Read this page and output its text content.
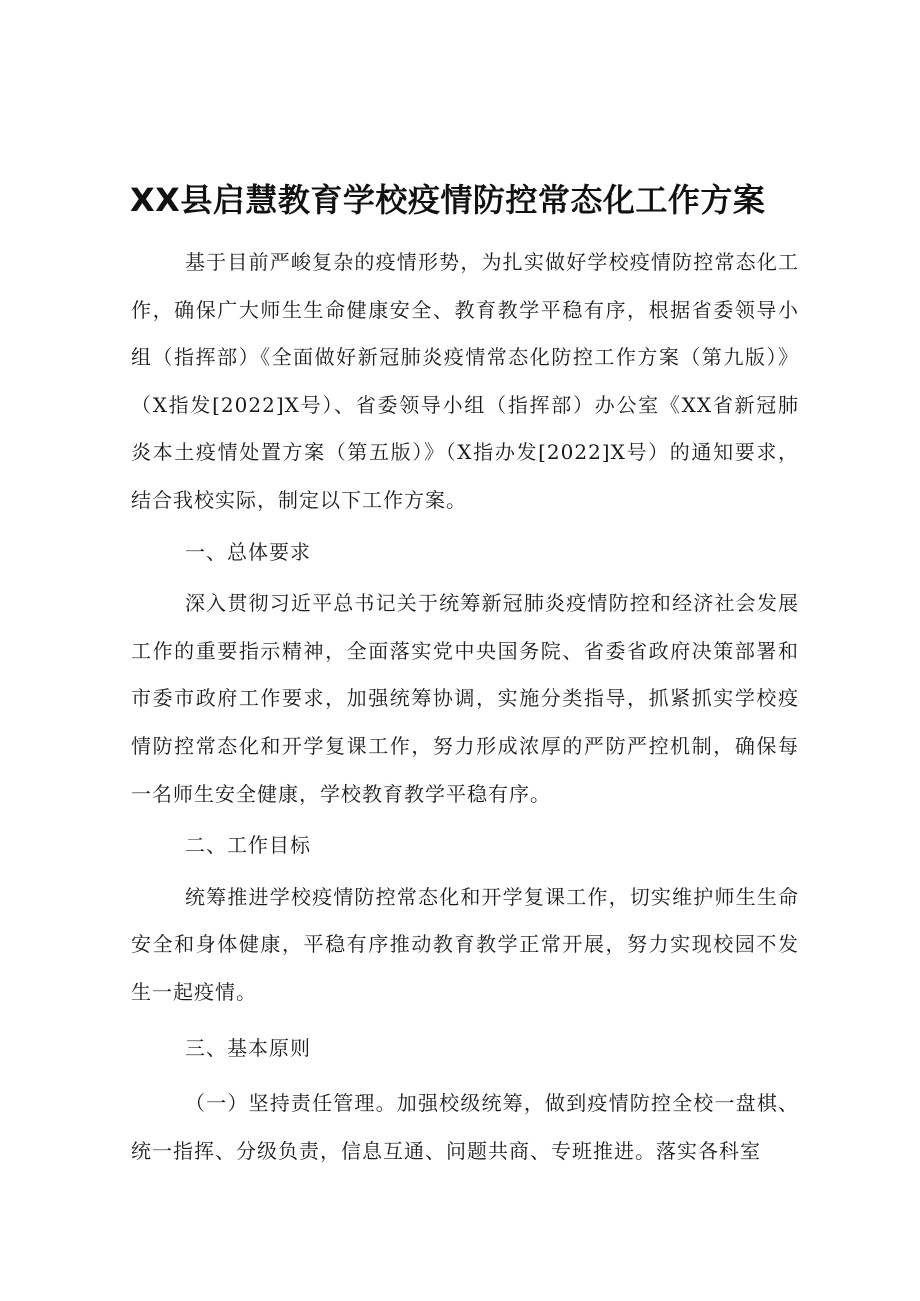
XX县启慧教育学校疫情防控常态化工作方案

基于目前严峻复杂的疫情形势，为扎实做好学校疫情防控常态化工作，确保广大师生生命健康安全、教育教学平稳有序，根据省委领导小组（指挥部）《全面做好新冠肺炎疫情常态化防控工作方案（第九版）》（X指发[2022]X号）、省委领导小组（指挥部）办公室《XX省新冠肺炎本土疫情处置方案（第五版）》（X指办发[2022]X号）的通知要求，结合我校实际，制定以下工作方案。

一、总体要求

深入贯彻习近平总书记关于统筹新冠肺炎疫情防控和经济社会发展工作的重要指示精神，全面落实党中央国务院、省委省政府决策部署和市委市政府工作要求，加强统筹协调，实施分类指导，抓紧抓实学校疫情防控常态化和开学复课工作，努力形成浓厚的严防严控机制，确保每一名师生安全健康，学校教育教学平稳有序。

二、工作目标

统筹推进学校疫情防控常态化和开学复课工作，切实维护师生生命安全和身体健康，平稳有序推动教育教学正常开展，努力实现校园不发生一起疫情。

三、基本原则

（一）坚持责任管理。加强校级统筹，做到疫情防控全校一盘棋、统一指挥、分级负责，信息互通、问题共商、专班推进。落实各科室
